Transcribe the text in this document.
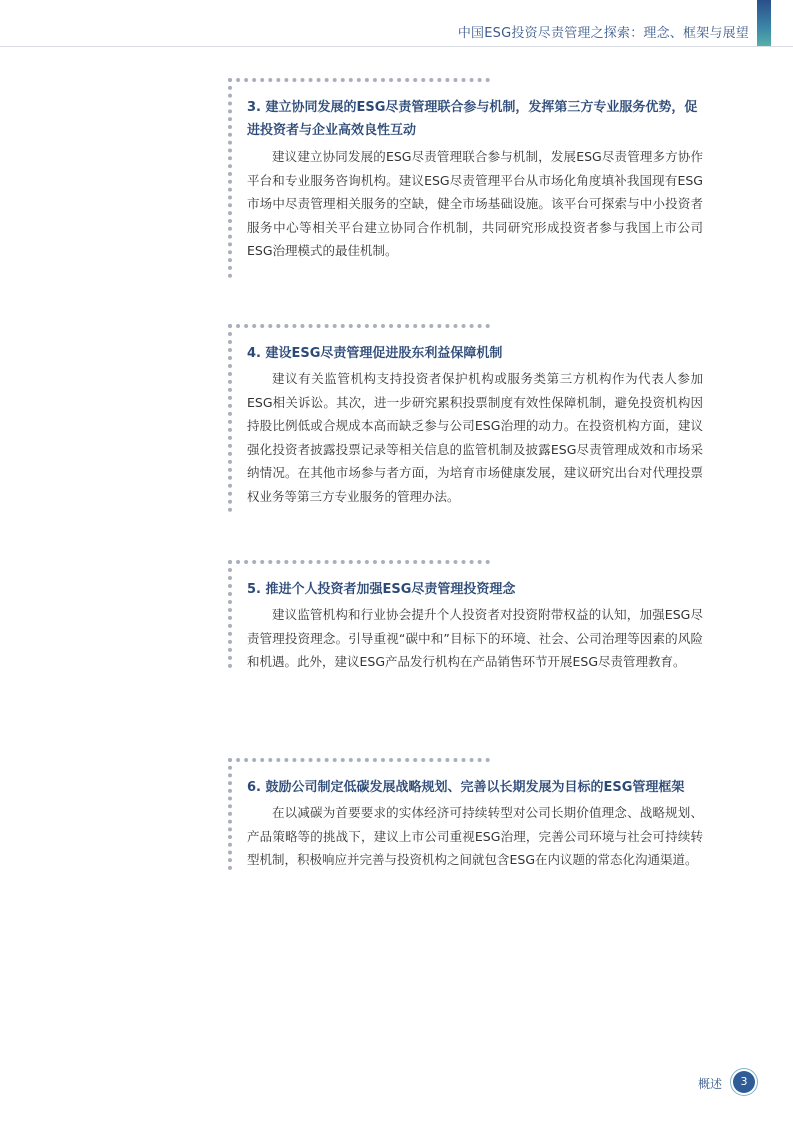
中国ESG投资尽责管理之探索：理念、框架与展望
3. 建立协同发展的ESG尽责管理联合参与机制，发挥第三方专业服务优势，促进投资者与企业高效良性互动
建议建立协同发展的ESG尽责管理联合参与机制，发展ESG尽责管理多方协作平台和专业服务咨询机构。建议ESG尽责管理平台从市场化角度填补我国现有ESG市场中尽责管理相关服务的空缺，健全市场基础设施。该平台可探索与中小投资者服务中心等相关平台建立协同合作机制，共同研究形成投资者参与我国上市公司ESG治理模式的最佳机制。
4. 建设ESG尽责管理促进股东利益保障机制
建议有关监管机构支持投资者保护机构或服务类第三方机构作为代表人参加ESG相关诉讼。其次，进一步研究累积投票制度有效性保障机制，避免投资机构因持股比例低或合规成本高而缺乏参与公司ESG治理的动力。在投资机构方面，建议强化投资者披露投票记录等相关信息的监管机制及披露ESG尽责管理成效和市场采纳情况。在其他市场参与者方面，为培育市场健康发展，建议研究出台对代理投票权业务等第三方专业服务的管理办法。
5. 推进个人投资者加强ESG尽责管理投资理念
建议监管机构和行业协会提升个人投资者对投资附带权益的认知，加强ESG尽责管理投资理念。引导重视“碳中和”目标下的环境、社会、公司治理等因素的风险和机遇。此外，建议ESG产品发行机构在产品销售环节开展ESG尽责管理教育。
6. 鼓励公司制定低碳发展战略规划、完善以长期发展为目标的ESG管理框架
在以减碳为首要要求的实体经济可持续转型对公司长期价值理念、战略规划、产品策略等的挑战下，建议上市公司重视ESG治理，完善公司环境与社会可持续转型机制，积极响应并完善与投资机构之间就包含ESG在内议题的常态化沟通渠道。
概述	3
